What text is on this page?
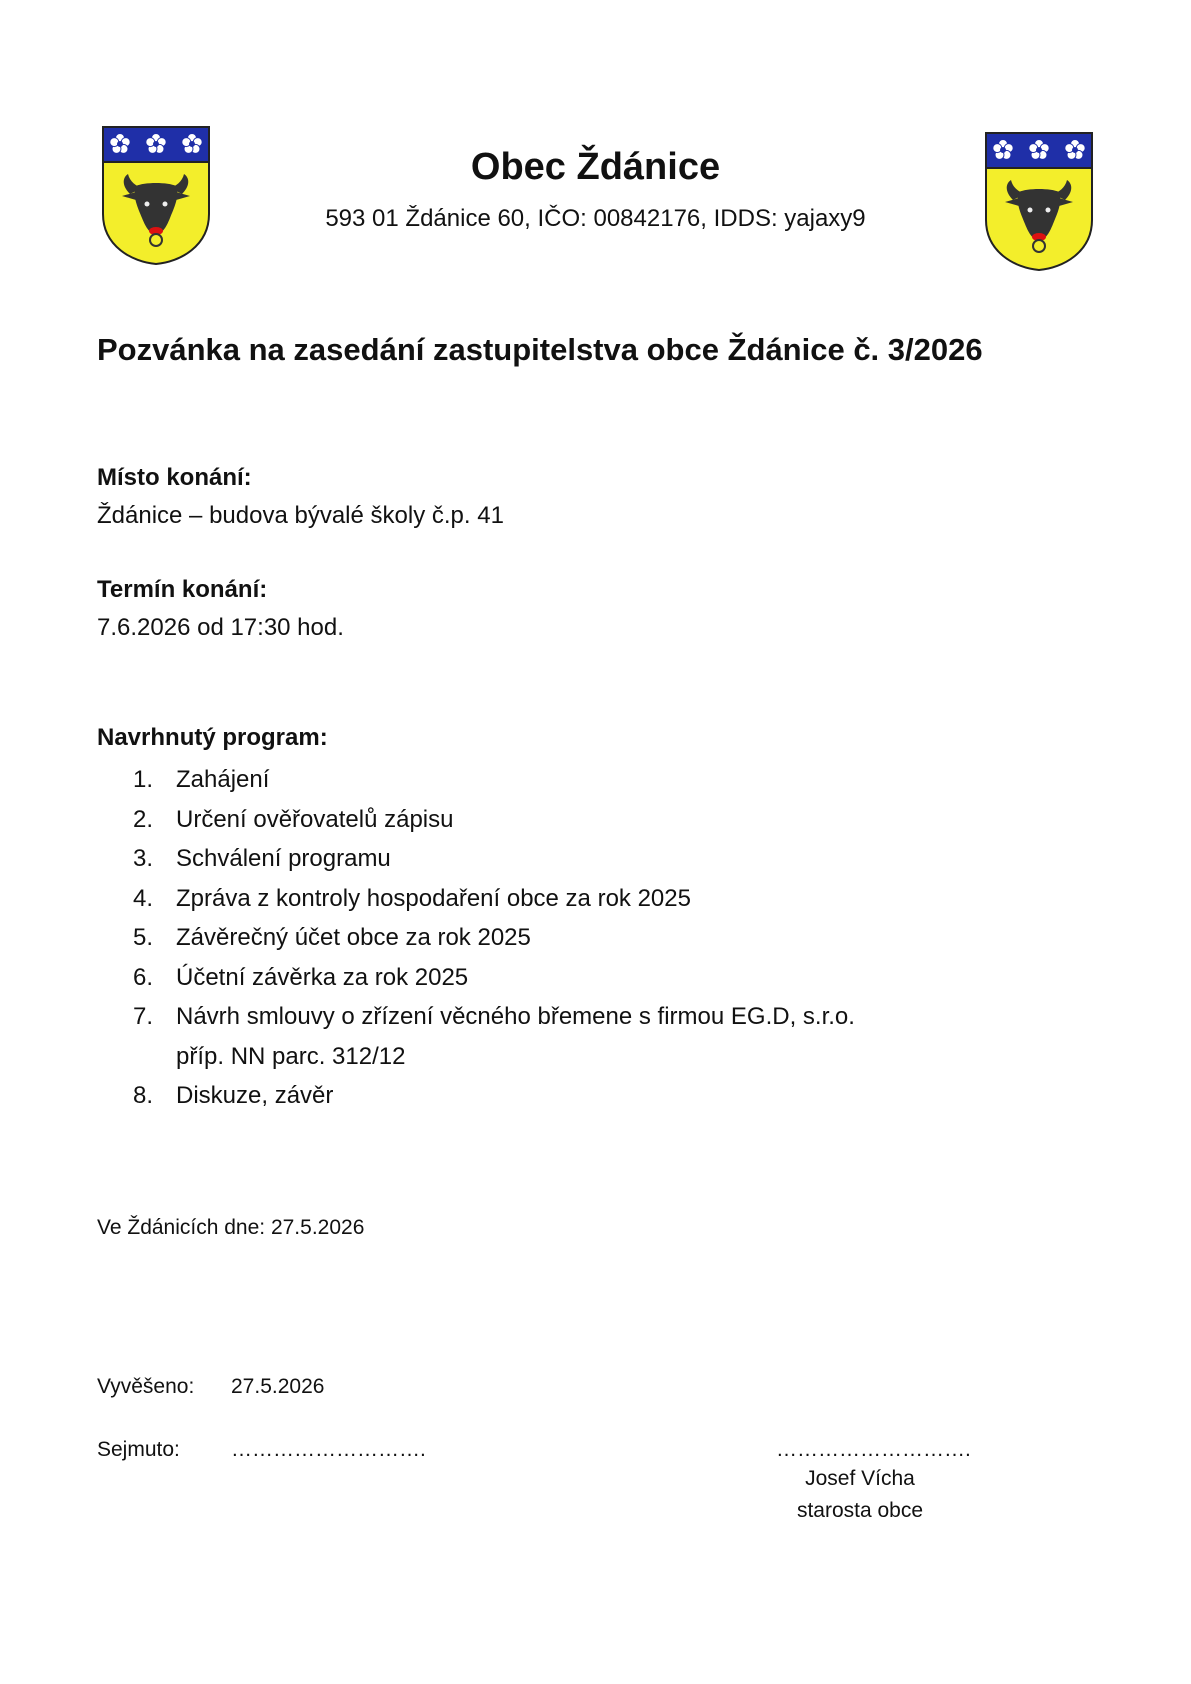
Obec Ždánice
593 01 Ždánice 60, IČO: 00842176, IDDS: yajaxy9
Pozvánka na zasedání zastupitelstva obce Ždánice č. 3/2026
Místo konání:
Ždánice – budova bývalé školy č.p. 41
Termín konání:
7.6.2026 od 17:30 hod.
Navrhnutý program:
1. Zahájení
2. Určení ověřovatelů zápisu
3. Schválení programu
4. Zpráva z kontroly hospodaření obce za rok 2025
5. Závěrečný účet obce za rok 2025
6. Účetní závěrka za rok 2025
7. Návrh smlouvy o zřízení věcného břemene s firmou EG.D, s.r.o.
příp. NN parc. 312/12
8. Diskuze, závěr
Ve Ždánicích dne: 27.5.2026
Vyvěšeno: 27.5.2026
Sejmuto: ……………………….	……………………….
Josef Vícha
starosta obce
